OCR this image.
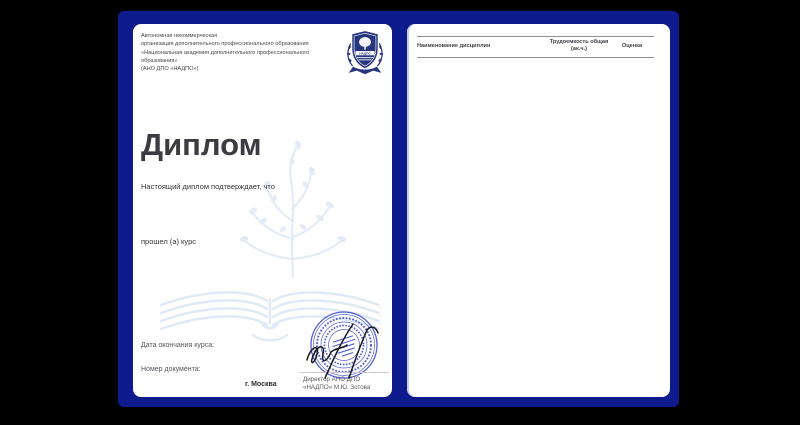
Автономная некоммерческая
организация дополнительного профессионального образования
«Национальная академия дополнительного профессионального
образования»
(АНО ДПО «НАДПО»)
НАДПО
Диплом
Настоящий диплом подтверждает, что
прошел (а) курс
Дата окончания курса:
Номер документа:
г. Москва
Директор АНО ДПО
«НАДПО» М.Ю. Зотова
Наименование дисциплин
Трудоемкость общая (ак.ч.)
Оценка
